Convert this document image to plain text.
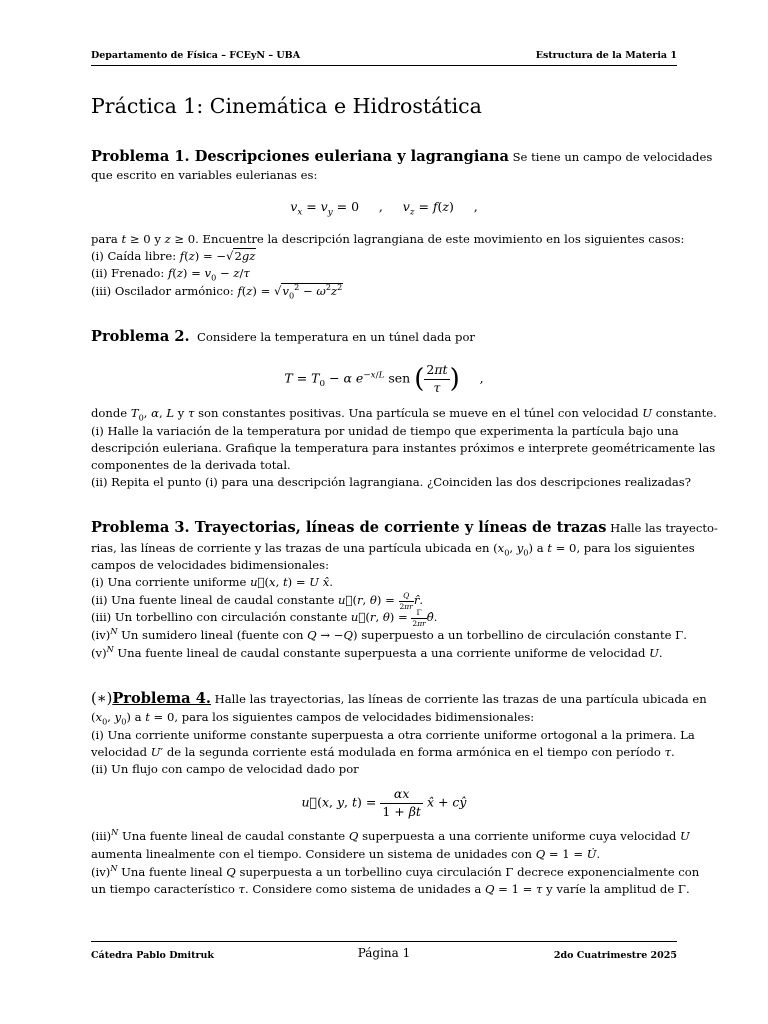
Departamento de Física – FCEyN – UBA	Estructura de la Materia 1
Práctica 1: Cinemática e Hidrostática
Problema 1. Descripciones euleriana y lagrangiana Se tiene un campo de velocidades
que escrito en variables eulerianas es:
$v_x = v_y = 0$     ,     $v_z = f(z)$     ,
para t ≥ 0 y z ≥ 0. Encuentre la descripción lagrangiana de este movimiento en los siguientes casos:
(i) Caída libre: f(z) = −√2gz
(ii) Frenado: $f(z) = v_0 - z/\tau$
(iii) Oscilador armónico: $f(z) = √v_0^2 - \omega^2z^2$
Problema 2. Considere la temperatura en un túnel dada por
$T = T_0 - \alpha$ $e^{-x/L}$ sen ( $\frac{2\pi t}{\tau}$ )     ,
donde $T_0$, α, L y τ son constantes positivas. Una partícula se mueve en el túnel con velocidad U constante.
(i) Halle la variación de la temperatura por unidad de tiempo que experimenta la partícula bajo una
descripción euleriana. Grafique la temperatura para instantes próximos e interprete geométricamente las
componentes de la derivada total.
(ii) Repita el punto (i) para una descripción lagrangiana. ¿Coinciden las dos descripciones realizadas?
Problema 3. Trayectorias, líneas de corriente y líneas de trazas Halle las trayecto-
rias, las líneas de corriente y las trazas de una partícula ubicada en ($x_0$, $y_0$) a t = 0, para los siguientes
campos de velocidades bidimensionales:
(i) Una corriente uniforme u⃗(x, t) = U x̂.
(ii) Una fuente lineal de caudal constante u⃗(r, $\theta) = \frac{Q}{2\pi r}$ r̂.
(iii) Un torbellino con circulación constante u⃗(r, $\theta) = \frac{\Gamma}{2\pi r}$ θ̂.
(iv)$^N$ Un sumidero lineal (fuente con Q → −Q) superpuesto a un torbellino de circulación constante Γ.
$(v)^N$ Una fuente lineal de caudal constante superpuesta a una corriente uniforme de velocidad U.
(∗)Problema 4. Halle las trayectorias, las líneas de corriente las trazas de una partícula ubicada en
($x_0$, $y_0$) a t = 0, para los siguientes campos de velocidades bidimensionales:
(i) Una corriente uniforme constante superpuesta a otra corriente uniforme ortogonal a la primera. La
velocidad U′ de la segunda corriente está modulada en forma armónica en el tiempo con período τ.
(ii) Un flujo con campo de velocidad dado por
u⃗(x, y, $t) = \frac{\alpha x}{1 + \beta t}$ x̂ + cŷ
(iii)$^N$ Una fuente lineal de caudal constante Q superpuesta a una corriente uniforme cuya velocidad U
aumenta linealmente con el tiempo. Considere un sistema de unidades con Q = 1 = U̇.
(iv)$^N$ Una fuente lineal Q superpuesta a un torbellino cuya circulación Γ decrece exponencialmente con
un tiempo característico τ. Considere como sistema de unidades a Q = 1 = τ y varíe la amplitud de Γ.
Cátedra Pablo Dmitruk	Página 1	2do Cuatrimestre 2025
